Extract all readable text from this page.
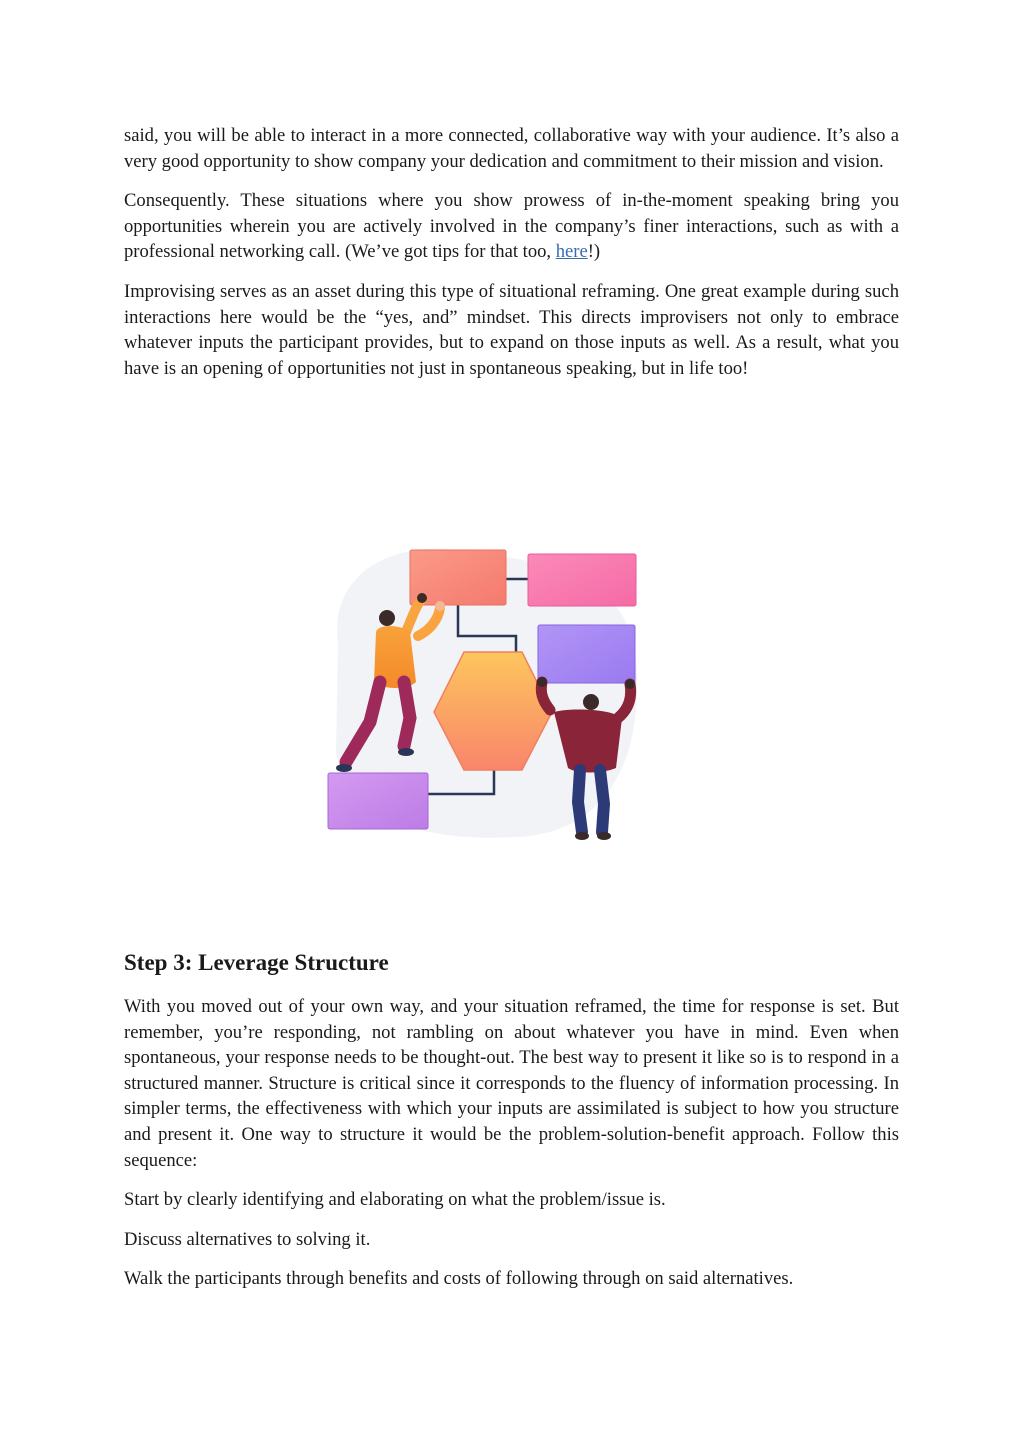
said, you will be able to interact in a more connected, collaborative way with your audience. It’s also a very good opportunity to show company your dedication and commitment to their mission and vision.

Consequently. These situations where you show prowess of in-the-moment speaking bring you opportunities wherein you are actively involved in the company’s finer interactions, such as with a professional networking call. (We’ve got tips for that too, here!)

Improvising serves as an asset during this type of situational reframing. One great example during such interactions here would be the “yes, and” mindset. This directs improvisers not only to embrace whatever inputs the participant provides, but to expand on those inputs as well. As a result, what you have is an opening of opportunities not just in spontaneous speaking, but in life too!

Step 3: Leverage Structure

With you moved out of your own way, and your situation reframed, the time for response is set. But remember, you’re responding, not rambling on about whatever you have in mind. Even when spontaneous, your response needs to be thought-out. The best way to present it like so is to respond in a structured manner. Structure is critical since it corresponds to the fluency of information processing. In simpler terms, the effectiveness with which your inputs are assimilated is subject to how you structure and present it. One way to structure it would be the problem-solution-benefit approach. Follow this sequence:

Start by clearly identifying and elaborating on what the problem/issue is.

Discuss alternatives to solving it.

Walk the participants through benefits and costs of following through on said alternatives.
